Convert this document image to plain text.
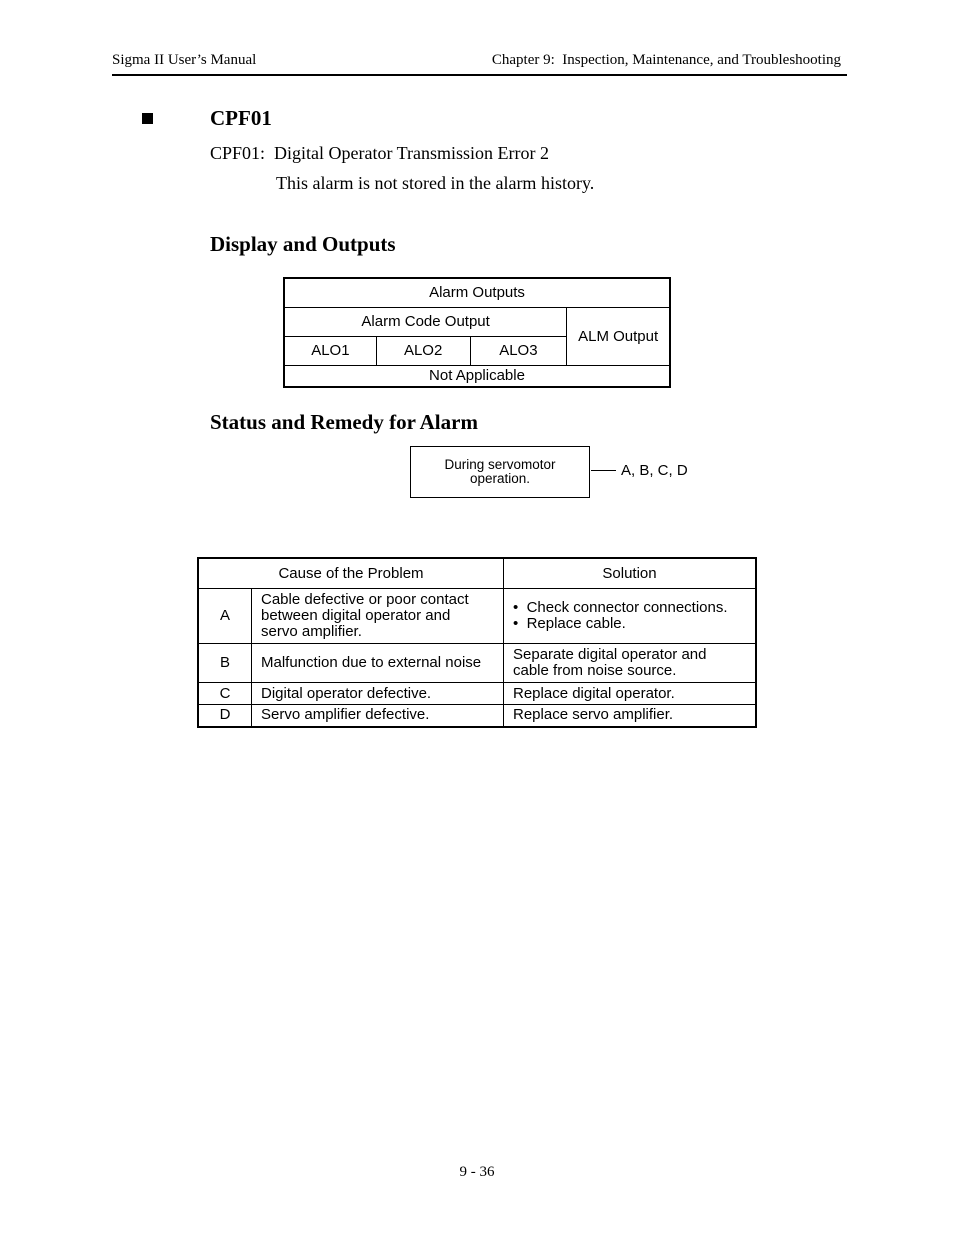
Sigma II User’s Manual	Chapter 9:  Inspection, Maintenance, and Troubleshooting
CPF01
CPF01:  Digital Operator Transmission Error 2
This alarm is not stored in the alarm history.
Display and Outputs
Alarm Outputs			
Alarm Code Output			ALM Output
ALO1	ALO2	ALO3	
Not Applicable			
Status and Remedy for Alarm
During servomotor
operation.	A, B, C, D
Cause of the Problem		Solution
A	Cable defective or poor contact
between digital operator and
servo amplifier.	•  Check connector connections.
•  Replace cable.

B	Malfunction due to external noise	Separate digital operator and
cable from noise source.

C	Digital operator defective.	Replace digital operator.

D	Servo amplifier defective.	Replace servo amplifier.
9 - 36
